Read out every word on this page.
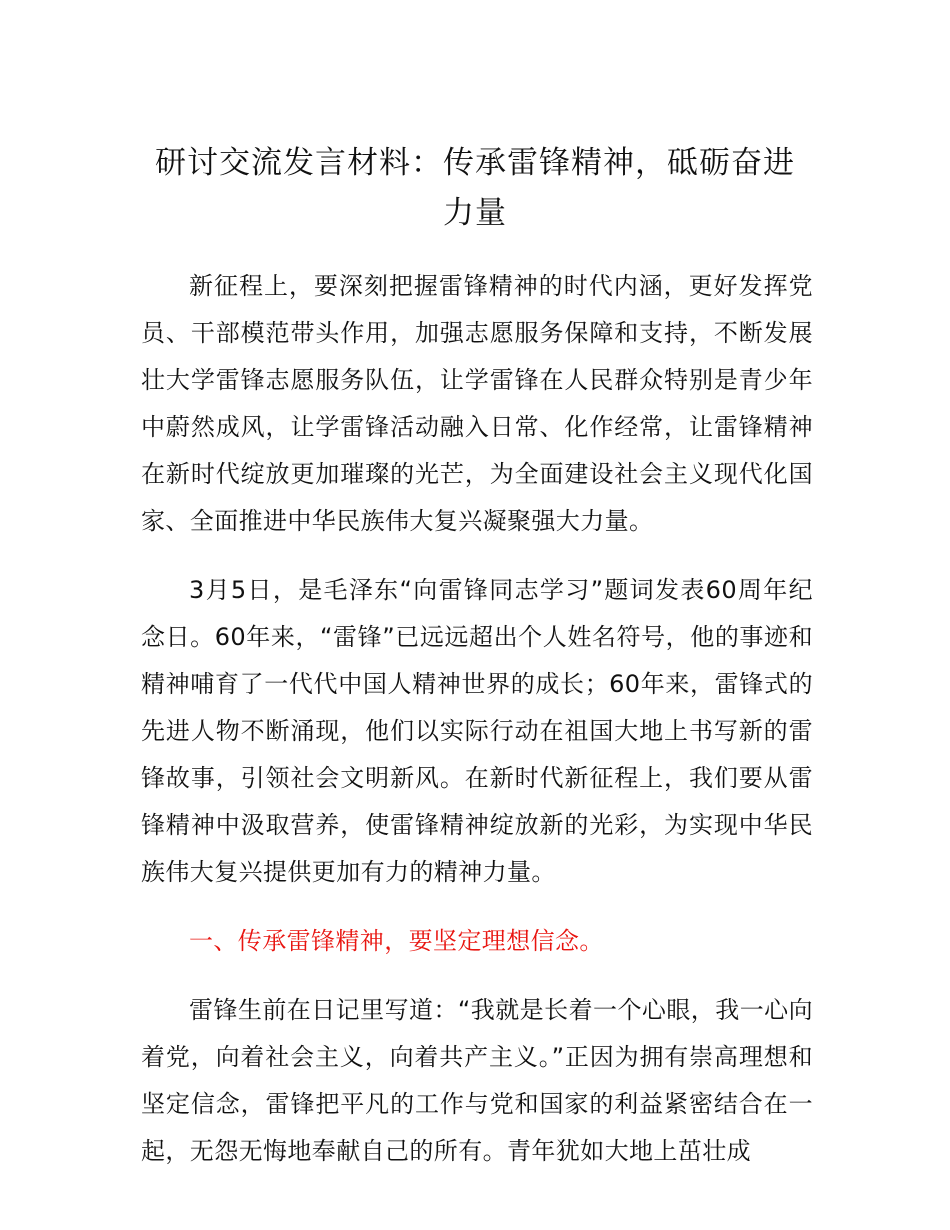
研讨交流发言材料：传承雷锋精神，砥砺奋进力量

新征程上，要深刻把握雷锋精神的时代内涵，更好发挥党员、干部模范带头作用，加强志愿服务保障和支持，不断发展壮大学雷锋志愿服务队伍，让学雷锋在人民群众特别是青少年中蔚然成风，让学雷锋活动融入日常、化作经常，让雷锋精神在新时代绽放更加璀璨的光芒，为全面建设社会主义现代化国家、全面推进中华民族伟大复兴凝聚强大力量。

3月5日，是毛泽东“向雷锋同志学习”题词发表60周年纪念日。60年来，“雷锋”已远远超出个人姓名符号，他的事迹和精神哺育了一代代中国人精神世界的成长；60年来，雷锋式的先进人物不断涌现，他们以实际行动在祖国大地上书写新的雷锋故事，引领社会文明新风。在新时代新征程上，我们要从雷锋精神中汲取营养，使雷锋精神绽放新的光彩，为实现中华民族伟大复兴提供更加有力的精神力量。

一、传承雷锋精神，要坚定理想信念。

雷锋生前在日记里写道：“我就是长着一个心眼，我一心向着党，向着社会主义，向着共产主义。”正因为拥有崇高理想和坚定信念，雷锋把平凡的工作与党和国家的利益紧密结合在一起，无怨无悔地奉献自己的所有。青年犹如大地上茁壮成
